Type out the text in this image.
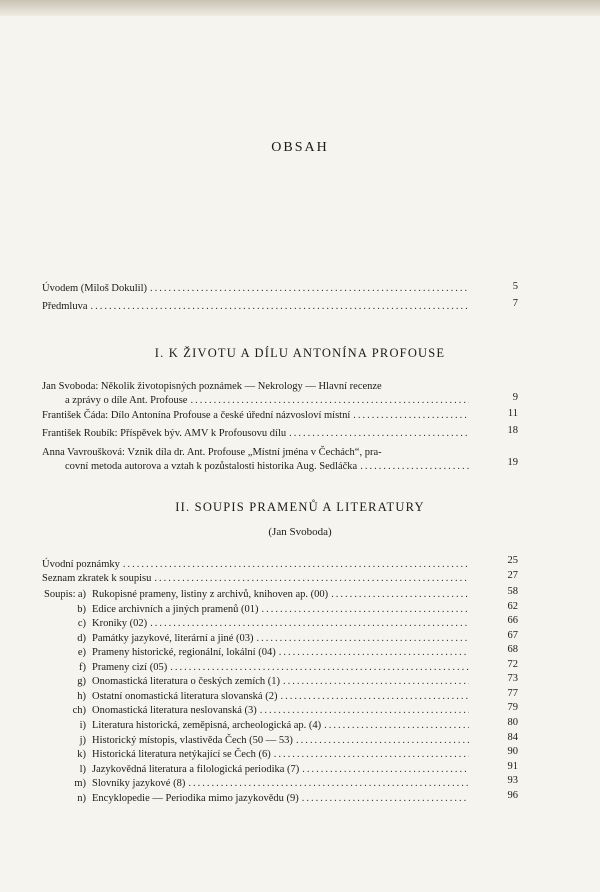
OBSAH
Úvodem (Miloš Dokulil) .....	5
Předmluva .....	7
I. K ŽIVOTU A DÍLU ANTONÍNA PROFOUSE
Jan Svoboda: Několik životopisných poznámek — Nekrology — Hlavní recenze
a zprávy o díle Ant. Profouse .....	9
František Čáda: Dílo Antonína Profouse a české úřední názvosloví místní .....	11
František Roubík: Příspěvek býv. AMV k Profousovu dílu .....	18
Anna Vavroušková: Vznik díla dr. Ant. Profouse „Místní jména v Čechách“, pra-
covní metoda autorova a vztah k pozůstalosti historika Aug. Sedláčka .....	19
II. SOUPIS PRAMENŮ A LITERATURY
(Jan Svoboda)
Úvodní poznámky .....	25
Seznam zkratek k soupisu .....	27
Soupis: a) Rukopisné prameny, listiny z archivů, knihoven ap. (00) .....	58
b) Edice archivních a jiných pramenů (01) .....	62
c) Kroniky (02) .....	66
d) Památky jazykové, literární a jiné (03) .....	67
e) Prameny historické, regionální, lokální (04) .....	68
f) Prameny cizí (05) .....	72
g) Onomastická literatura o českých zemích (1) .....	73
h) Ostatní onomastická literatura slovanská (2) .....	77
ch) Onomastická literatura neslovanská (3) .....	79
i) Literatura historická, zeměpisná, archeologická ap. (4) .....	80
j) Historický místopis, vlastivěda Čech (50 — 53) .....	84
k) Historická literatura netýkající se Čech (6) .....	90
l) Jazykovědná literatura a filologická periodika (7) .....	91
m) Slovníky jazykové (8) .....	93
n) Encyklopedie — Periodika mimo jazykovědu (9) .....	96
